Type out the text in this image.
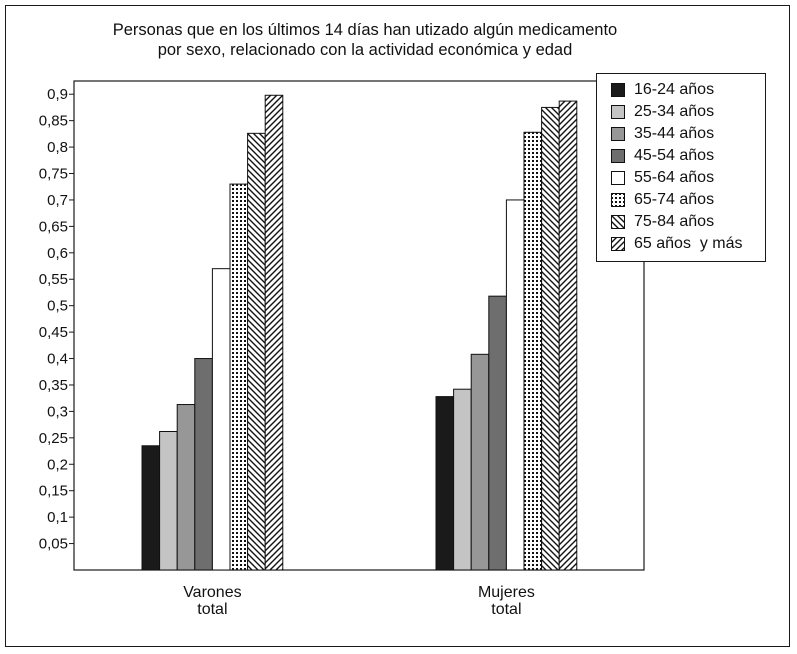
Personas que en los últimos 14 días han utizado algún medicamento
por sexo, relacionado con la actividad económica y edad
0,05
0,1
0,15
0,2
0,25
0,3
0,35
0,4
0,45
0,5
0,55
0,6
0,65
0,7
0,75
0,8
0,85
0,9
Varones
total
Mujeres
total
16-24 años
25-34 años
35-44 años
45-54 años
55-64 años
65-74 años
75-84 años
65 años  y más
